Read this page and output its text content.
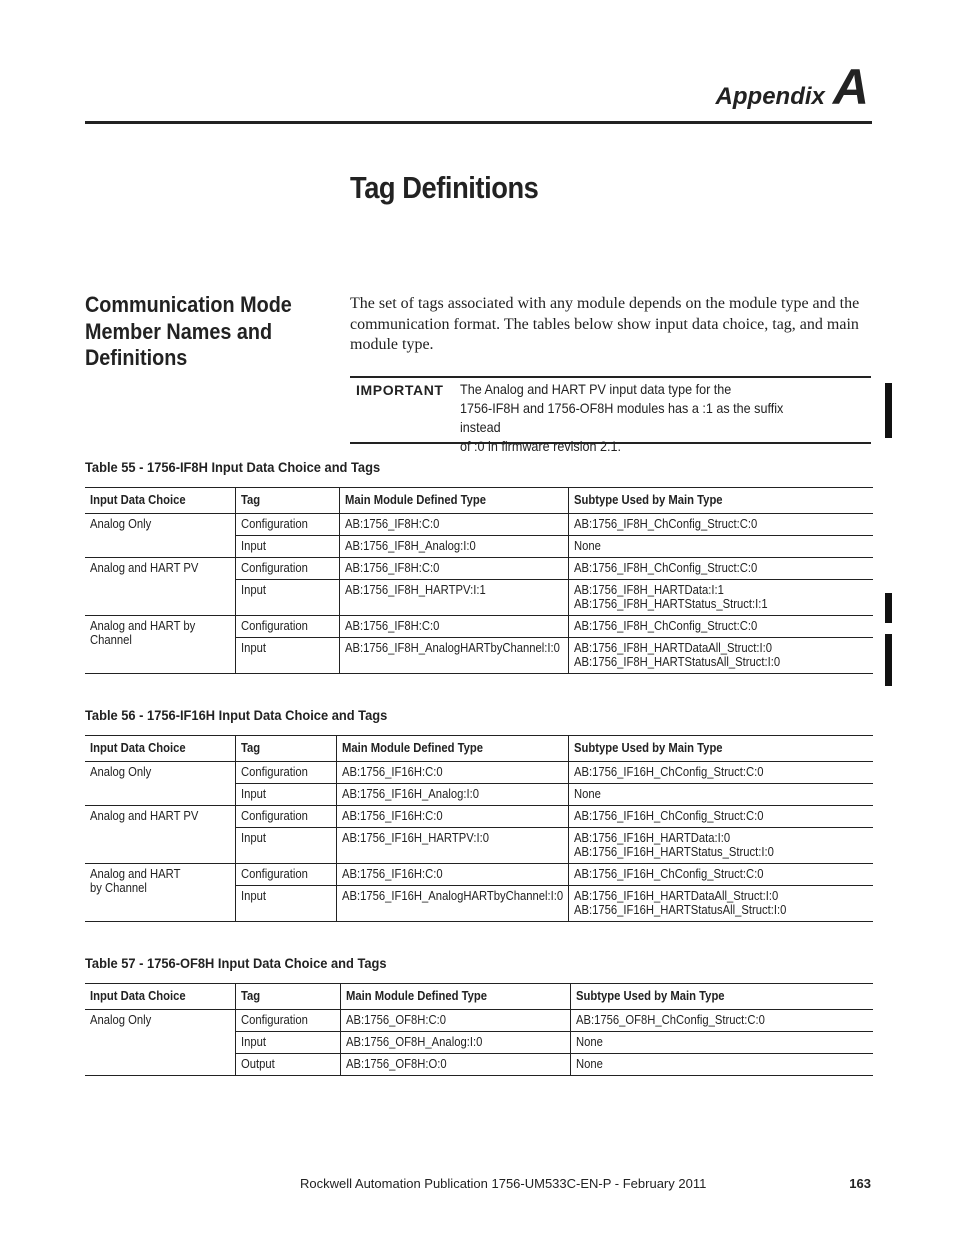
Appendix A
Tag Definitions
Communication Mode Member Names and Definitions
The set of tags associated with any module depends on the module type and the communication format. The tables below show input data choice, tag, and main module type.
IMPORTANT The Analog and HART PV input data type for the
1756-IF8H and 1756-OF8H modules has a :1 as the suffix instead
of :0 in firmware revision 2.1.
Table 55 - 1756-IF8H Input Data Choice and Tags
Table 56 - 1756-IF16H Input Data Choice and Tags
Table 57 - 1756-OF8H Input Data Choice and Tags
Input Data Choice	Tag	Main Module Defined Type	Subtype Used by Main Type

Analog Only	Configuration	AB:1756_IF8H:C:0	AB:1756_IF8H_ChConfig_Struct:C:0

	Input	AB:1756_IF8H_Analog:I:0	None

Analog and HART PV	Configuration	AB:1756_IF8H:C:0	AB:1756_IF8H_ChConfig_Struct:C:0

	Input	AB:1756_IF8H_HARTPV:I:1	AB:1756_IF8H_HARTData:I:1
AB:1756_IF8H_HARTStatus_Struct:I:1

Analog and HART by
Channel	Configuration	AB:1756_IF8H:C:0	AB:1756_IF8H_ChConfig_Struct:C:0

	Input	AB:1756_IF8H_AnalogHARTbyChannel:I:0	AB:1756_IF8H_HARTDataAll_Struct:I:0
AB:1756_IF8H_HARTStatusAll_Struct:I:0
Input Data Choice	Tag	Main Module Defined Type	Subtype Used by Main Type

Analog Only	Configuration	AB:1756_IF16H:C:0	AB:1756_IF16H_ChConfig_Struct:C:0

	Input	AB:1756_IF16H_Analog:I:0	None

Analog and HART PV	Configuration	AB:1756_IF16H:C:0	AB:1756_IF16H_ChConfig_Struct:C:0

	Input	AB:1756_IF16H_HARTPV:I:0	AB:1756_IF16H_HARTData:I:0
AB:1756_IF16H_HARTStatus_Struct:I:0

Analog and HART
by Channel	Configuration	AB:1756_IF16H:C:0	AB:1756_IF16H_ChConfig_Struct:C:0

	Input	AB:1756_IF16H_AnalogHARTbyChannel:I:0	AB:1756_IF16H_HARTDataAll_Struct:I:0
AB:1756_IF16H_HARTStatusAll_Struct:I:0
Input Data Choice	Tag	Main Module Defined Type	Subtype Used by Main Type

Analog Only	Configuration	AB:1756_OF8H:C:0	AB:1756_OF8H_ChConfig_Struct:C:0

	Input	AB:1756_OF8H_Analog:I:0	None

	Output	AB:1756_OF8H:O:0	None
Rockwell Automation Publication 1756-UM533C-EN-P - February 2011	163
